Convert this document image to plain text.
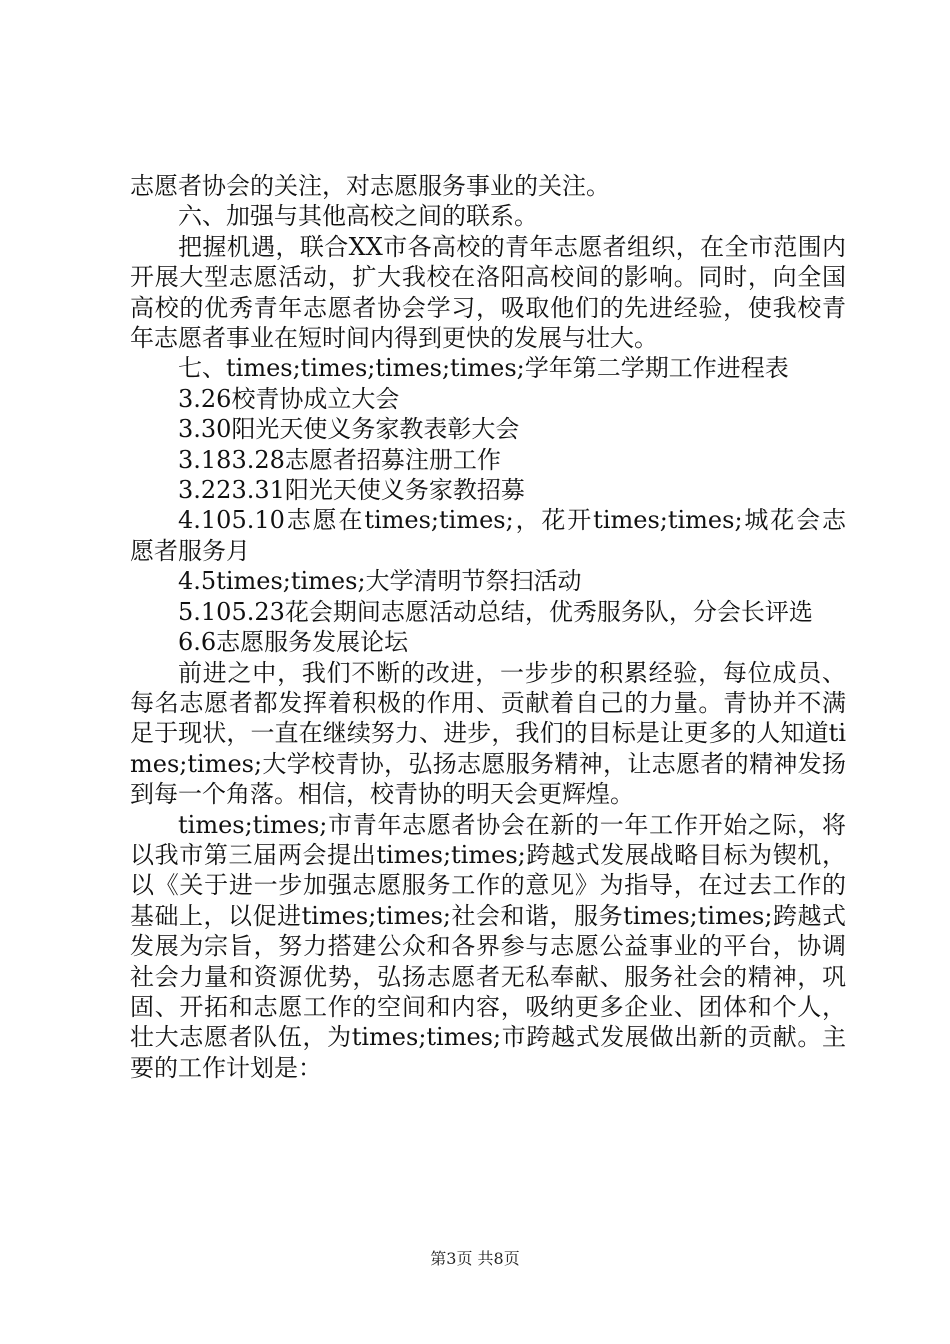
志愿者协会的关注，对志愿服务事业的关注。

六、加强与其他高校之间的联系。

把握机遇，联合XX市各高校的青年志愿者组织，在全市范围内开展大型志愿活动，扩大我校在洛阳高校间的影响。同时，向全国高校的优秀青年志愿者协会学习，吸取他们的先进经验，使我校青年志愿者事业在短时间内得到更快的发展与壮大。

七、times;times;times;times;学年第二学期工作进程表

3.26校青协成立大会

3.30阳光天使义务家教表彰大会

3.183.28志愿者招募注册工作

3.223.31阳光天使义务家教招募

4.105.10志愿在times;times;，花开times;times;城花会志愿者服务月

4.5times;times;大学清明节祭扫活动

5.105.23花会期间志愿活动总结，优秀服务队，分会长评选

6.6志愿服务发展论坛

前进之中，我们不断的改进，一步步的积累经验，每位成员、每名志愿者都发挥着积极的作用、贡献着自己的力量。青协并不满足于现状，一直在继续努力、进步，我们的目标是让更多的人知道times;times;大学校青协，弘扬志愿服务精神，让志愿者的精神发扬到每一个角落。相信，校青协的明天会更辉煌。

times;times;市青年志愿者协会在新的一年工作开始之际，将以我市第三届两会提出times;times;跨越式发展战略目标为锲机，以《关于进一步加强志愿服务工作的意见》为指导，在过去工作的基础上，以促进times;times;社会和谐，服务times;times;跨越式发展为宗旨，努力搭建公众和各界参与志愿公益事业的平台，协调社会力量和资源优势，弘扬志愿者无私奉献、服务社会的精神，巩固、开拓和志愿工作的空间和内容，吸纳更多企业、团体和个人，壮大志愿者队伍，为times;times;市跨越式发展做出新的贡献。主要的工作计划是：

第3页 共8页
